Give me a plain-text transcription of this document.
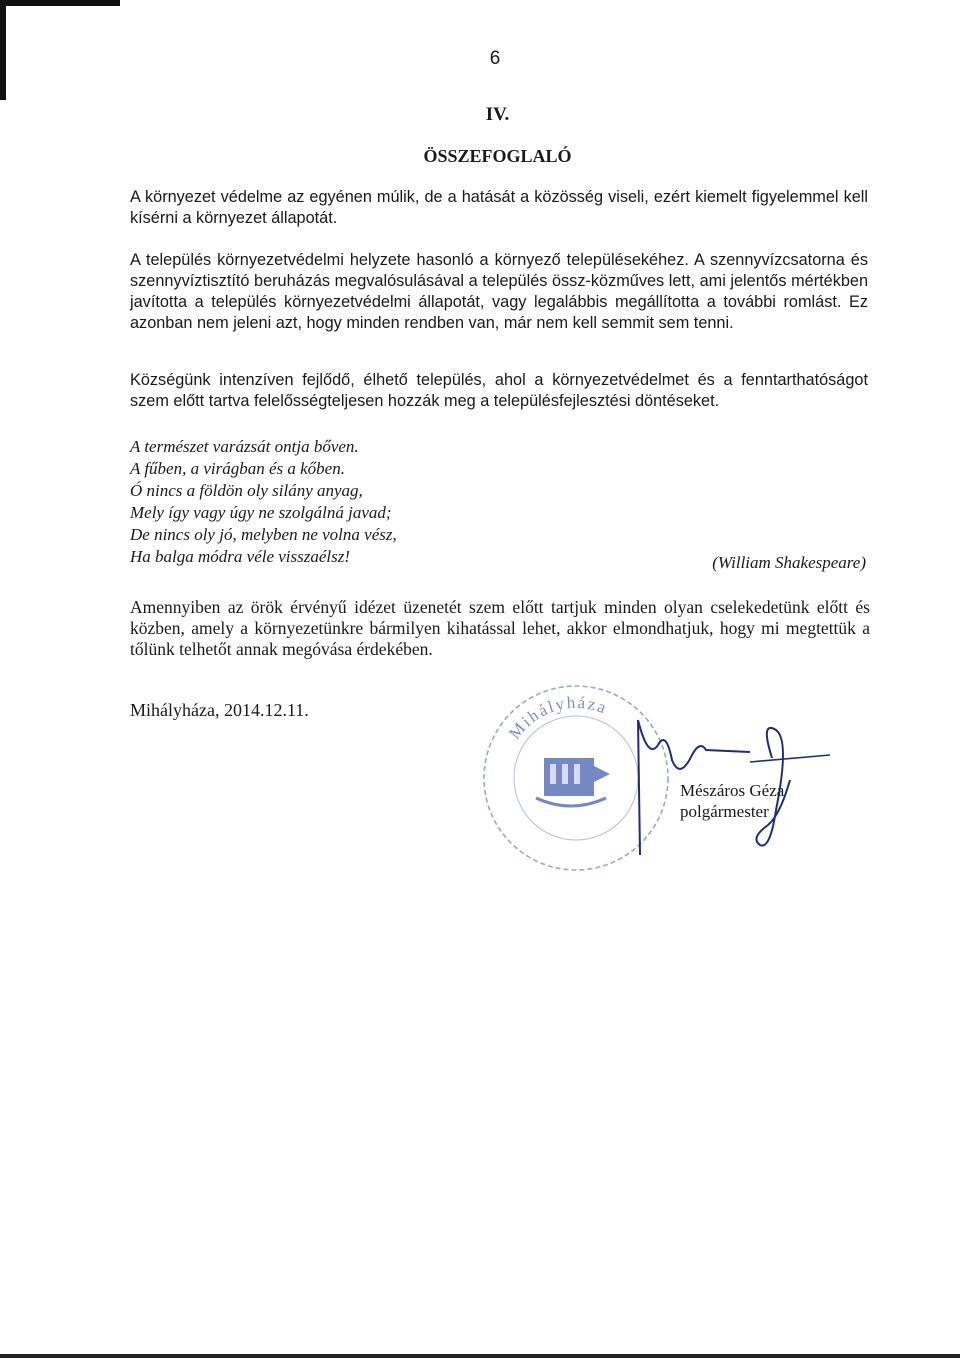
6
IV.
ÖSSZEFOGLALÓ

A környezet védelme az egyénen múlik, de a hatását a közösség viseli, ezért kiemelt figyelemmel kell kísérni a környezet állapotát.

A település környezetvédelmi helyzete hasonló a környező településekéhez. A szennyvízcsatorna és szennyvíztisztító beruházás megvalósulásával a település össz-közműves lett, ami jelentős mértékben javította a település környezetvédelmi állapotát, vagy legalábbis megállította a további romlást. Ez azonban nem jeleni azt, hogy minden rendben van, már nem kell semmit sem tenni.

Községünk intenzíven fejlődő, élhető település, ahol a környezetvédelmet és a fenntarthatóságot szem előtt tartva felelősségteljesen hozzák meg a településfejlesztési döntéseket.

A természet varázsát ontja bőven.
A fűben, a virágban és a kőben.
Ó nincs a földön oly silány anyag,
Mely így vagy úgy ne szolgálná javad;
De nincs oly jó, melyben ne volna vész,
Ha balga módra véle visszaélsz!	(William Shakespeare)

Amennyiben az örök érvényű idézet üzenetét szem előtt tartjuk minden olyan cselekedetünk előtt és közben, amely a környezetünkre bármilyen kihatással lehet, akkor elmondhatjuk, hogy mi megtettük a tőlünk telhetőt annak megóvása érdekében.

Mihályháza, 2014.12.11.
Mihályháza
Mészáros Géza
polgármester
